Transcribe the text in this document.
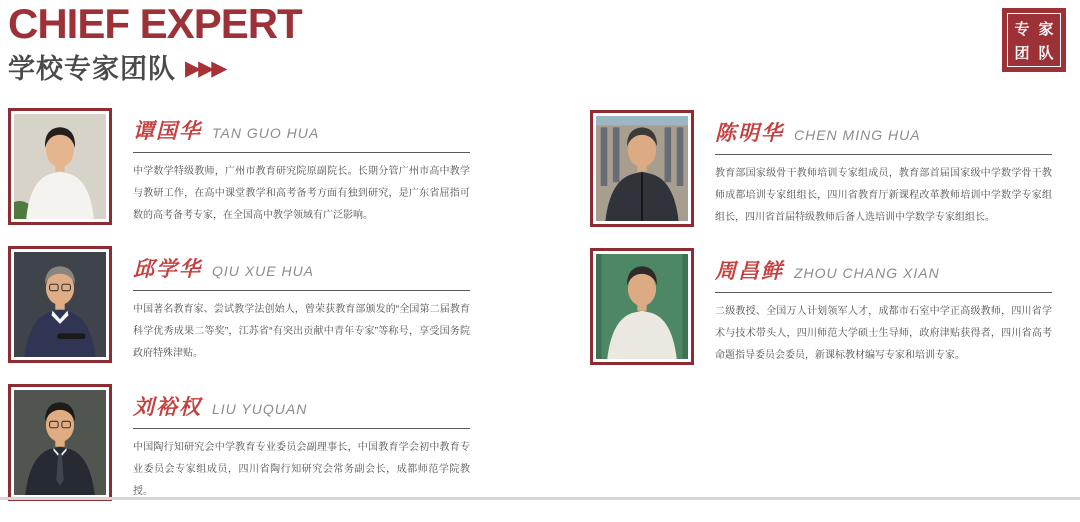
CHIEF EXPERT
学校专家团队 ▶▶▶
专家
团队
谭国华 TAN GUO HUA

中学数学特级教师，广州市教育研究院原副院长。长期分管广州市高中教学与教研工作，在高中课堂教学和高考备考方面有独到研究，是广东省屈指可数的高考备考专家，在全国高中教学领域有广泛影响。

邱学华 QIU XUE HUA

中国著名教育家、尝试教学法创始人，曾荣获教育部颁发的“全国第二届教育科学优秀成果二等奖”，江苏省“有突出贡献中青年专家”等称号，享受国务院政府特殊津贴。

刘裕权 LIU YUQUAN

中国陶行知研究会中学教育专业委员会副理事长，中国教育学会初中教育专业委员会专家组成员，四川省陶行知研究会常务副会长，成都师范学院教授。

陈明华 CHEN MING HUA

教育部国家级骨干教师培训专家组成员，教育部首届国家级中学数学骨干教师成都培训专家组组长，四川省教育厅新课程改革教师培训中学数学专家组组长，四川省首届特级教师后备人选培训中学数学专家组组长。

周昌鲜 ZHOU CHANG XIAN

二级教授、全国万人计划领军人才，成都市石室中学正高级教师，四川省学术与技术带头人，四川师范大学硕士生导师，政府津贴获得者，四川省高考命题指导委员会委员，新课标教材编写专家和培训专家。
